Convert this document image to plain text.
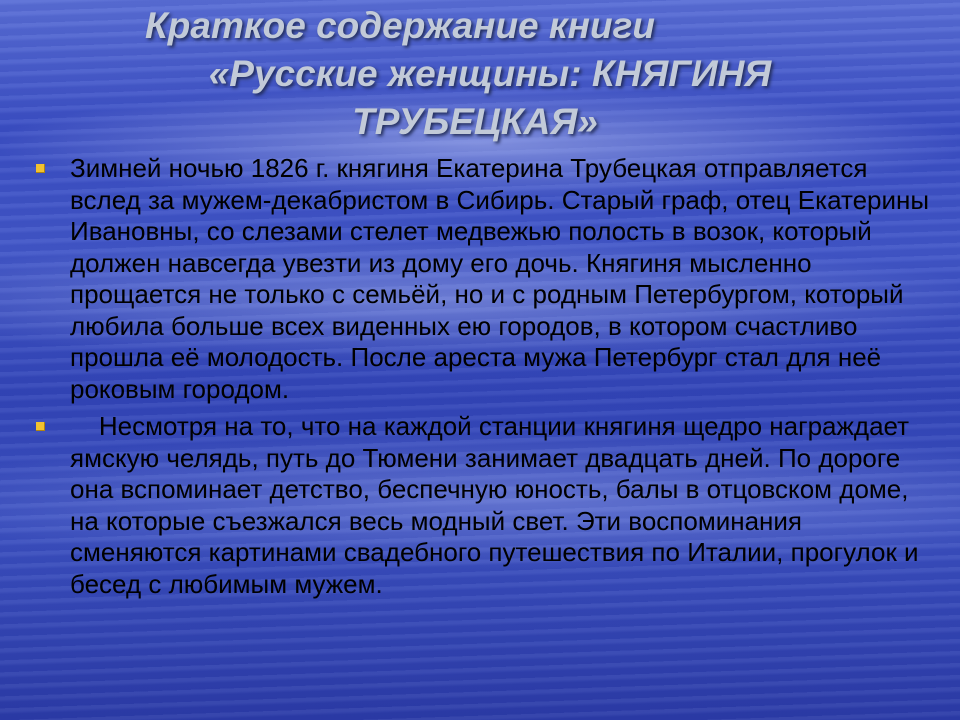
Краткое содержание книги
«Русские женщины: КНЯГИНЯ
ТРУБЕЦКАЯ»

Зимней ночью 1826 г. княгиня Екатерина Трубецкая отправляется вслед за мужем-декабристом в Сибирь. Старый граф, отец Екатерины Ивановны, со слезами стелет медвежью полость в возок, который должен навсегда увезти из дому его дочь. Княгиня мысленно прощается не только с семьёй, но и с родным Петербургом, который любила больше всех виденных ею городов, в котором счастливо прошла её молодость. После ареста мужа Петербург стал для неё роковым городом.

Несмотря на то, что на каждой станции княгиня щедро награждает ямскую челядь, путь до Тюмени занимает двадцать дней. По дороге она вспоминает детство, беспечную юность, балы в отцовском доме, на которые съезжался весь модный свет. Эти воспоминания сменяются картинами свадебного путешествия по Италии, прогулок и бесед с любимым мужем.
